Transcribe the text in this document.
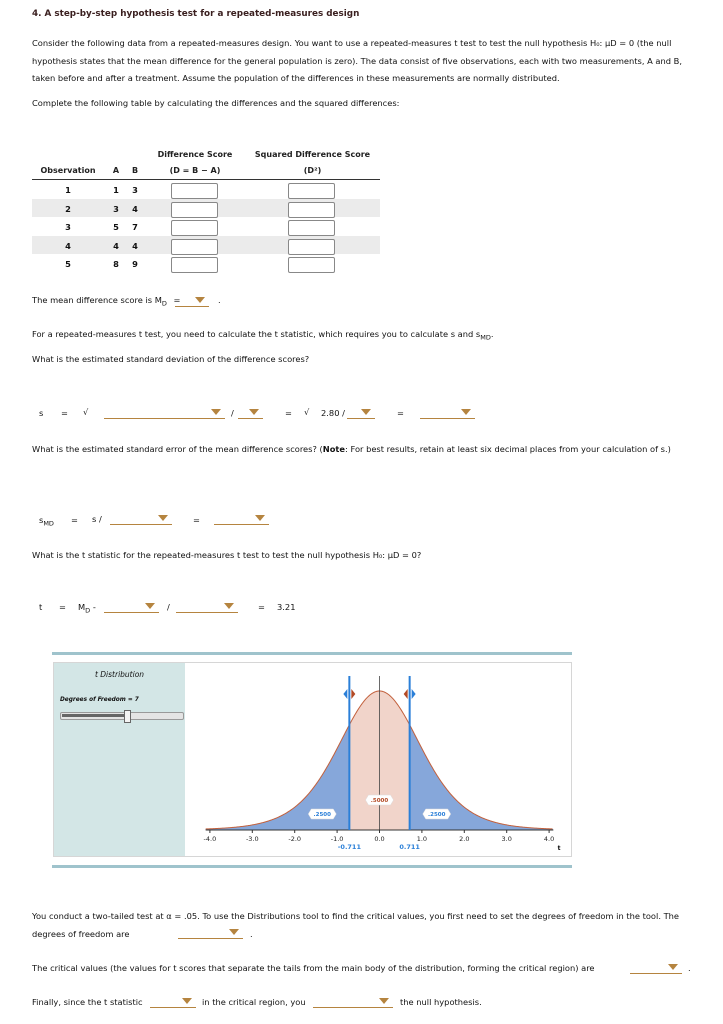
4. A step-by-step hypothesis test for a repeated-measures design
Consider the following data from a repeated-measures design. You want to use a repeated-measures t test to test the null hypothesis H₀: μD = 0 (the null hypothesis states that the mean difference for the general population is zero). The data consist of five observations, each with two measurements, A and B, taken before and after a treatment. Assume the population of the differences in these measurements are normally distributed.
Complete the following table by calculating the differences and the squared differences:
Difference Score
(D = B − A)
Squared Difference Score
(D²)
Observation	A	B
1	1	3
2	3	4
3	5	7
4	4	4
5	8	9
The mean difference score is $M_D$ =	.
For a repeated-measures t test, you need to calculate the t statistic, which requires you to calculate s and $s_{MD}$.
What is the estimated standard deviation of the difference scores?
s = √	/	= √ 2.80 /	=
What is the estimated standard error of the mean difference scores? (Note: For best results, retain at least six decimal places from your calculation of s.)
$s_{MD} = s$ /	=
What is the t statistic for the repeated-measures t test to test the null hypothesis H₀: μD = 0?
$t = M_D$ -	/	= 3.21
t Distribution
Degrees of Freedom = 7
-4.0	-3.0	-2.0	-1.0	0.0	1.0	2.0	3.0	4.0
t
-0.711	0.711
.2500
.5000
.2500
You conduct a two-tailed test at α = .05. To use the Distributions tool to find the critical values, you first need to set the degrees of freedom in the tool. The degrees of freedom are	.
The critical values (the values for t scores that separate the tails from the main body of the distribution, forming the critical region) are	.
Finally, since the t statistic	in the critical region, you	the null hypothesis.
